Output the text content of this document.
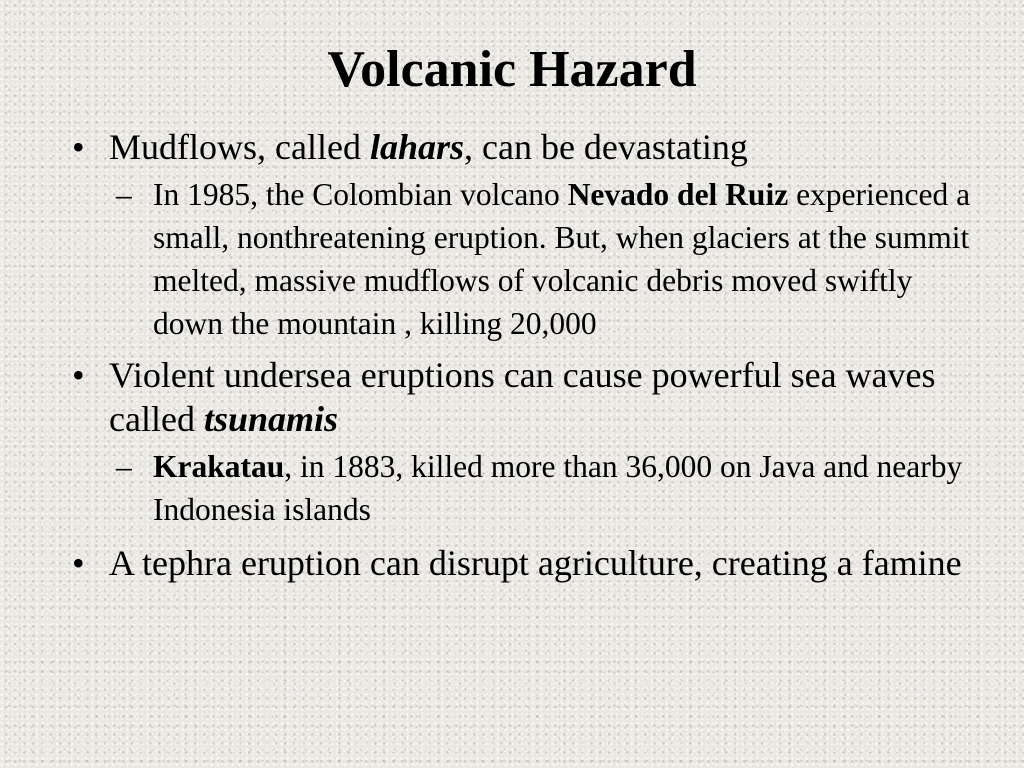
Volcanic Hazard
• Mudflows, called lahars, can be devastating
– In 1985, the Colombian volcano Nevado del Ruiz experienced a small, nonthreatening eruption. But, when glaciers at the summit melted, massive mudflows of volcanic debris moved swiftly down the mountain , killing 20,000
• Violent undersea eruptions can cause powerful sea waves called tsunamis
– Krakatau, in 1883, killed more than 36,000 on Java and nearby Indonesia islands
• A tephra eruption can disrupt agriculture, creating a famine
